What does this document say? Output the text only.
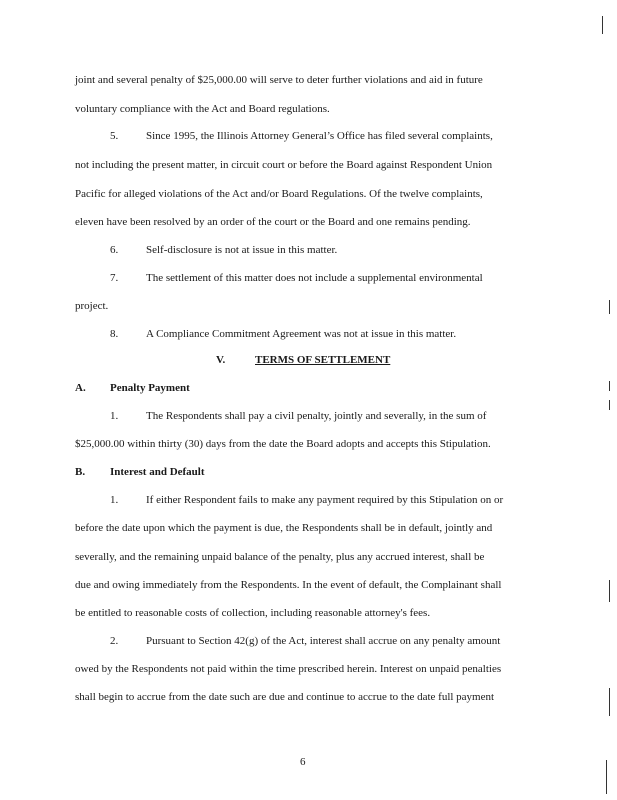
joint and several penalty of $25,000.00 will serve to deter further violations and aid in future
voluntary compliance with the Act and Board regulations.
5.	Since 1995, the Illinois Attorney General’s Office has filed several complaints,
not including the present matter, in circuit court or before the Board against Respondent Union
Pacific for alleged violations of the Act and/or Board Regulations. Of the twelve complaints,
eleven have been resolved by an order of the court or the Board and one remains pending.
6.	Self-disclosure is not at issue in this matter.
7.	The settlement of this matter does not include a supplemental environmental
project.
8.	A Compliance Commitment Agreement was not at issue in this matter.
V.	TERMS OF SETTLEMENT
A. Penalty Payment
1.	The Respondents shall pay a civil penalty, jointly and severally, in the sum of
$25,000.00 within thirty (30) days from the date the Board adopts and accepts this Stipulation.
B. Interest and Default
1.	If either Respondent fails to make any payment required by this Stipulation on or
before the date upon which the payment is due, the Respondents shall be in default, jointly and
severally, and the remaining unpaid balance of the penalty, plus any accrued interest, shall be
due and owing immediately from the Respondents. In the event of default, the Complainant shall
be entitled to reasonable costs of collection, including reasonable attorney's fees.
2.	Pursuant to Section 42(g) of the Act, interest shall accrue on any penalty amount
owed by the Respondents not paid within the time prescribed herein. Interest on unpaid penalties
shall begin to accrue from the date such are due and continue to accrue to the date full payment
6
